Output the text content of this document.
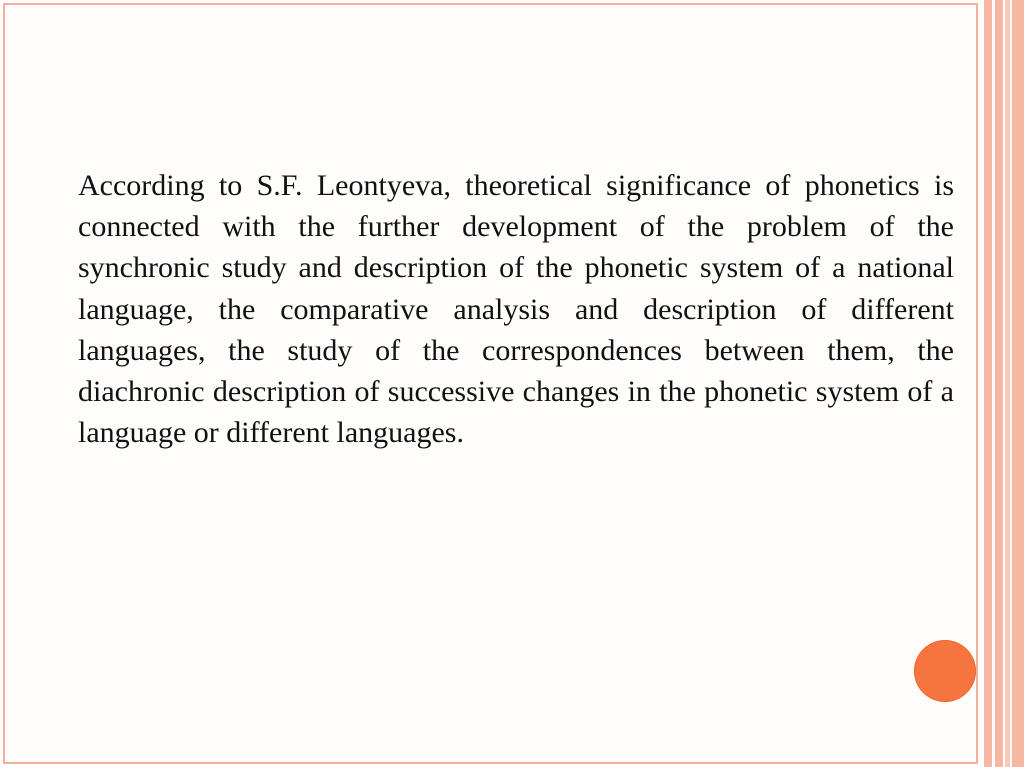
According to S.F. Leontyeva, theoretical significance of phonetics is connected with the further development of the problem of the synchronic study and description of the phonetic system of a national language, the comparative analysis and description of different languages, the study of the correspondences between them, the diachronic description of successive changes in the phonetic system of a language or different languages.
